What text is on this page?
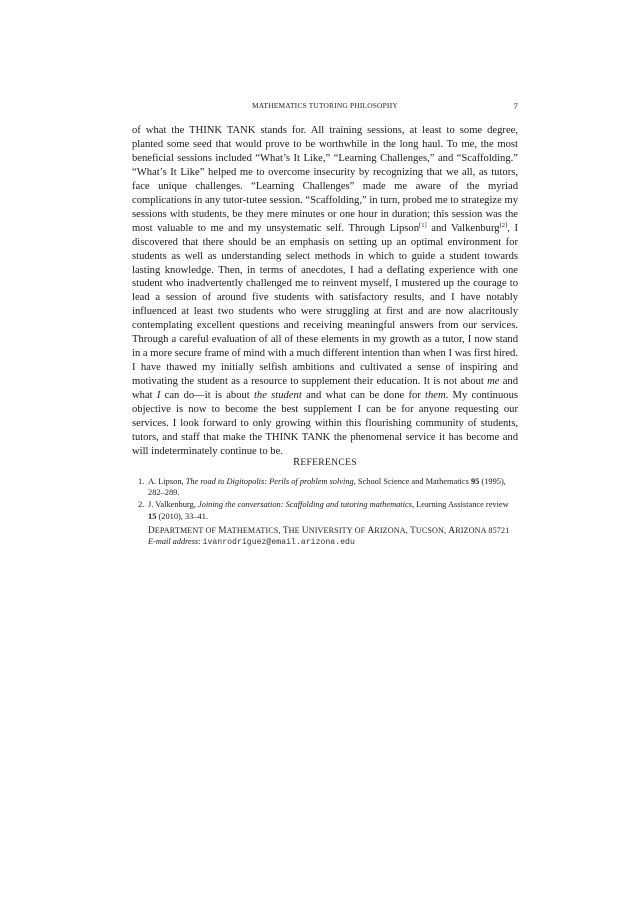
MATHEMATICS TUTORING PHILOSOPHY	7

of what the THINK TANK stands for. All training sessions, at least to some degree, planted some seed that would prove to be worthwhile in the long haul. To me, the most beneficial sessions included “What’s It Like,” “Learning Challenges,” and “Scaffolding.” “What’s It Like” helped me to overcome insecurity by recognizing that we all, as tutors, face unique challenges. “Learning Challenges” made me aware of the myriad complications in any tutor-tutee session. “Scaffolding,” in turn, probed me to strategize my sessions with students, be they mere minutes or one hour in duration; this session was the most valuable to me and my unsystematic self. Through Lipson[1] and Valkenburg[2], I discovered that there should be an emphasis on setting up an optimal environment for students as well as understanding select methods in which to guide a student towards lasting knowledge. Then, in terms of anecdotes, I had a deflating experience with one student who inadvertently challenged me to reinvent myself, I mustered up the courage to lead a session of around five students with satisfactory results, and I have notably influenced at least two students who were struggling at first and are now alacritously contemplating excellent questions and receiving meaningful answers from our services. Through a careful evaluation of all of these elements in my growth as a tutor, I now stand in a more secure frame of mind with a much different intention than when I was first hired. I have thawed my initially selfish ambitions and cultivated a sense of inspiring and motivating the student as a resource to supplement their education. It is not about me and what I can do—it is about the student and what can be done for them. My continuous objective is now to become the best supplement I can be for anyone requesting our services. I look forward to only growing within this flourishing community of students, tutors, and staff that make the THINK TANK the phenomenal service it has become and will indeterminately continue to be.

REFERENCES
1. A. Lipson, The road to Digitopolis: Perils of problem solving, School Science and Mathematics 95 (1995), 282–289.
2. J. Valkenburg, Joining the conversation: Scaffolding and tutoring mathematics, Learning Assistance review 15 (2010), 33–41.
DEPARTMENT OF MATHEMATICS, THE UNIVERSITY OF ARIZONA, TUCSON, ARIZONA 85721
E-mail address: ivanrodriguez@email.arizona.edu
